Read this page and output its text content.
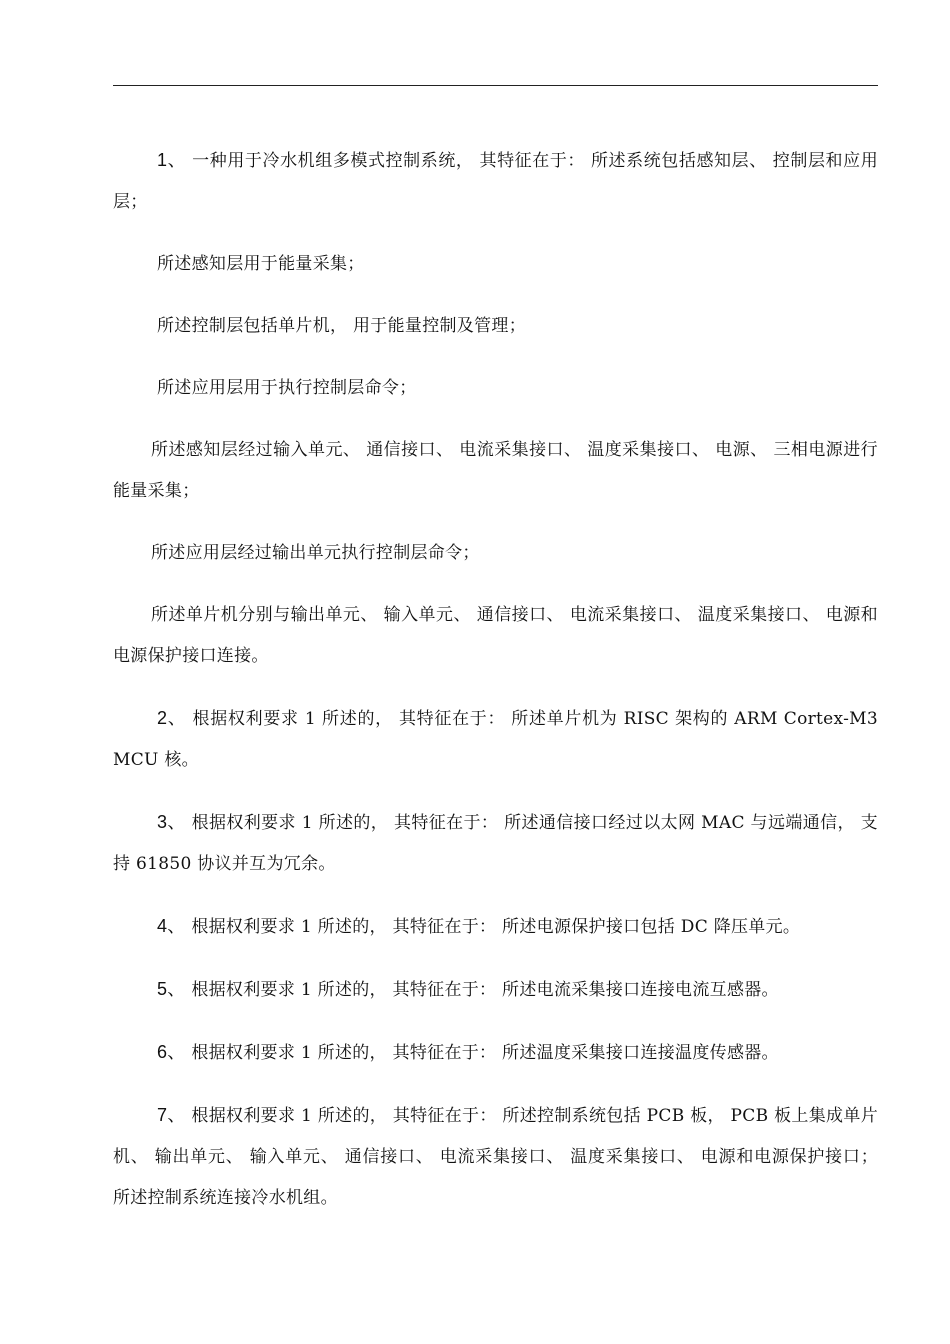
1、 一种用于冷水机组多模式控制系统， 其特征在于： 所述系统包括感知层、 控制层和应用层；

所述感知层用于能量采集；

所述控制层包括单片机， 用于能量控制及管理；

所述应用层用于执行控制层命令；

所述感知层经过输入单元、 通信接口、 电流采集接口、 温度采集接口、 电源、 三相电源进行能量采集；

所述应用层经过输出单元执行控制层命令；

所述单片机分别与输出单元、 输入单元、 通信接口、 电流采集接口、 温度采集接口、 电源和电源保护接口连接。

2、 根据权利要求 1 所述的， 其特征在于： 所述单片机为 RISC 架构的 ARM Cortex-M3 MCU 核。

3、 根据权利要求 1 所述的， 其特征在于： 所述通信接口经过以太网 MAC 与远端通信， 支持 61850 协议并互为冗余。

4、 根据权利要求 1 所述的， 其特征在于： 所述电源保护接口包括 DC 降压单元。

5、 根据权利要求 1 所述的， 其特征在于： 所述电流采集接口连接电流互感器。

6、 根据权利要求 1 所述的， 其特征在于： 所述温度采集接口连接温度传感器。

7、 根据权利要求 1 所述的， 其特征在于： 所述控制系统包括 PCB 板， PCB 板上集成单片机、 输出单元、 输入单元、 通信接口、 电流采集接口、 温度采集接口、 电源和电源保护接口； 所述控制系统连接冷水机组。
